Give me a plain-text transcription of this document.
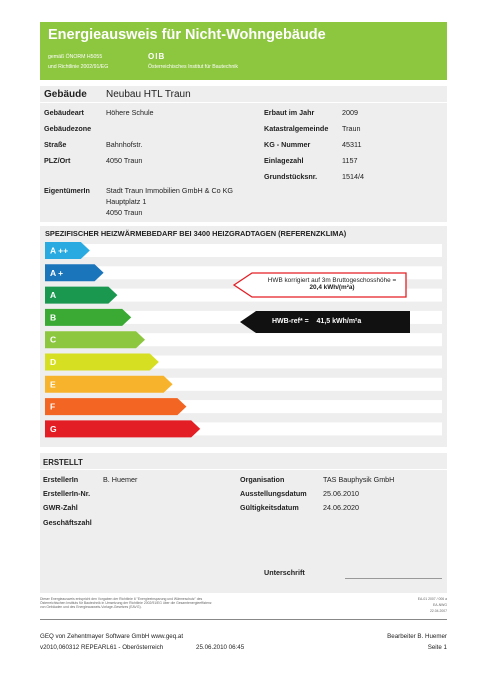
Energieausweis für Nicht-Wohngebäude
gemäß ÖNORM H5055
und Richtlinie 2002/91/EG
OIB
Österreichisches Institut für Bautechnik
Gebäude Neubau HTL Traun
Gebäudeart	Höhere Schule
Gebäudezone
Straße	Bahnhofstr.
PLZ/Ort	4050 Traun
Erbaut im Jahr	2009
Katastralgemeinde Traun
KG - Nummer	45311
Einlagezahl	1157
Grundstücksnr.	1514/4
EigentümerIn Stadt Traun Immobilien GmbH & Co KG
Hauptplatz 1
4050 Traun
SPEZIFISCHER HEIZWÄRMEBEDARF BEI 3400 HEIZGRADTAGEN (REFERENZKLIMA)
A ++
A +
A
B
C
D
E
F
G
HWB korrigiert auf 3m Bruttogeschosshöhe =
20,4 kWh/(m²a)
HWB-ref* =    41,5 kWh/m²a
ERSTELLT
ErstellerIn	B. Huemer
ErstellerIn-Nr.
GWR-Zahl
Geschäftszahl
Organisation	TAS Bauphysik GmbH
Ausstellungsdatum 25.06.2010
Gültigkeitsdatum	24.06.2020
Unterschrift
Dieser Energieausweis entspricht den Vorgaben der Richtlinie 6 "Energieeinsparung und Wärmeschutz" des
Österreichischen Instituts für Bautechnik in Umsetzung der Richtlinie 2002/91/EG über die Gesamtenergieeffizienz
von Gebäuden und des Energieausweis-Vorlage-Gesetzes (EAVG).
EA-01 2007 / 006 a
EA-NWG
22.04.2007
GEQ von Zehentmayer Software GmbH www.geq.at
v2010,060312 REPEARL61 - Oberösterreich	25.06.2010 06:45
Bearbeiter B. Huemer
Seite 1
